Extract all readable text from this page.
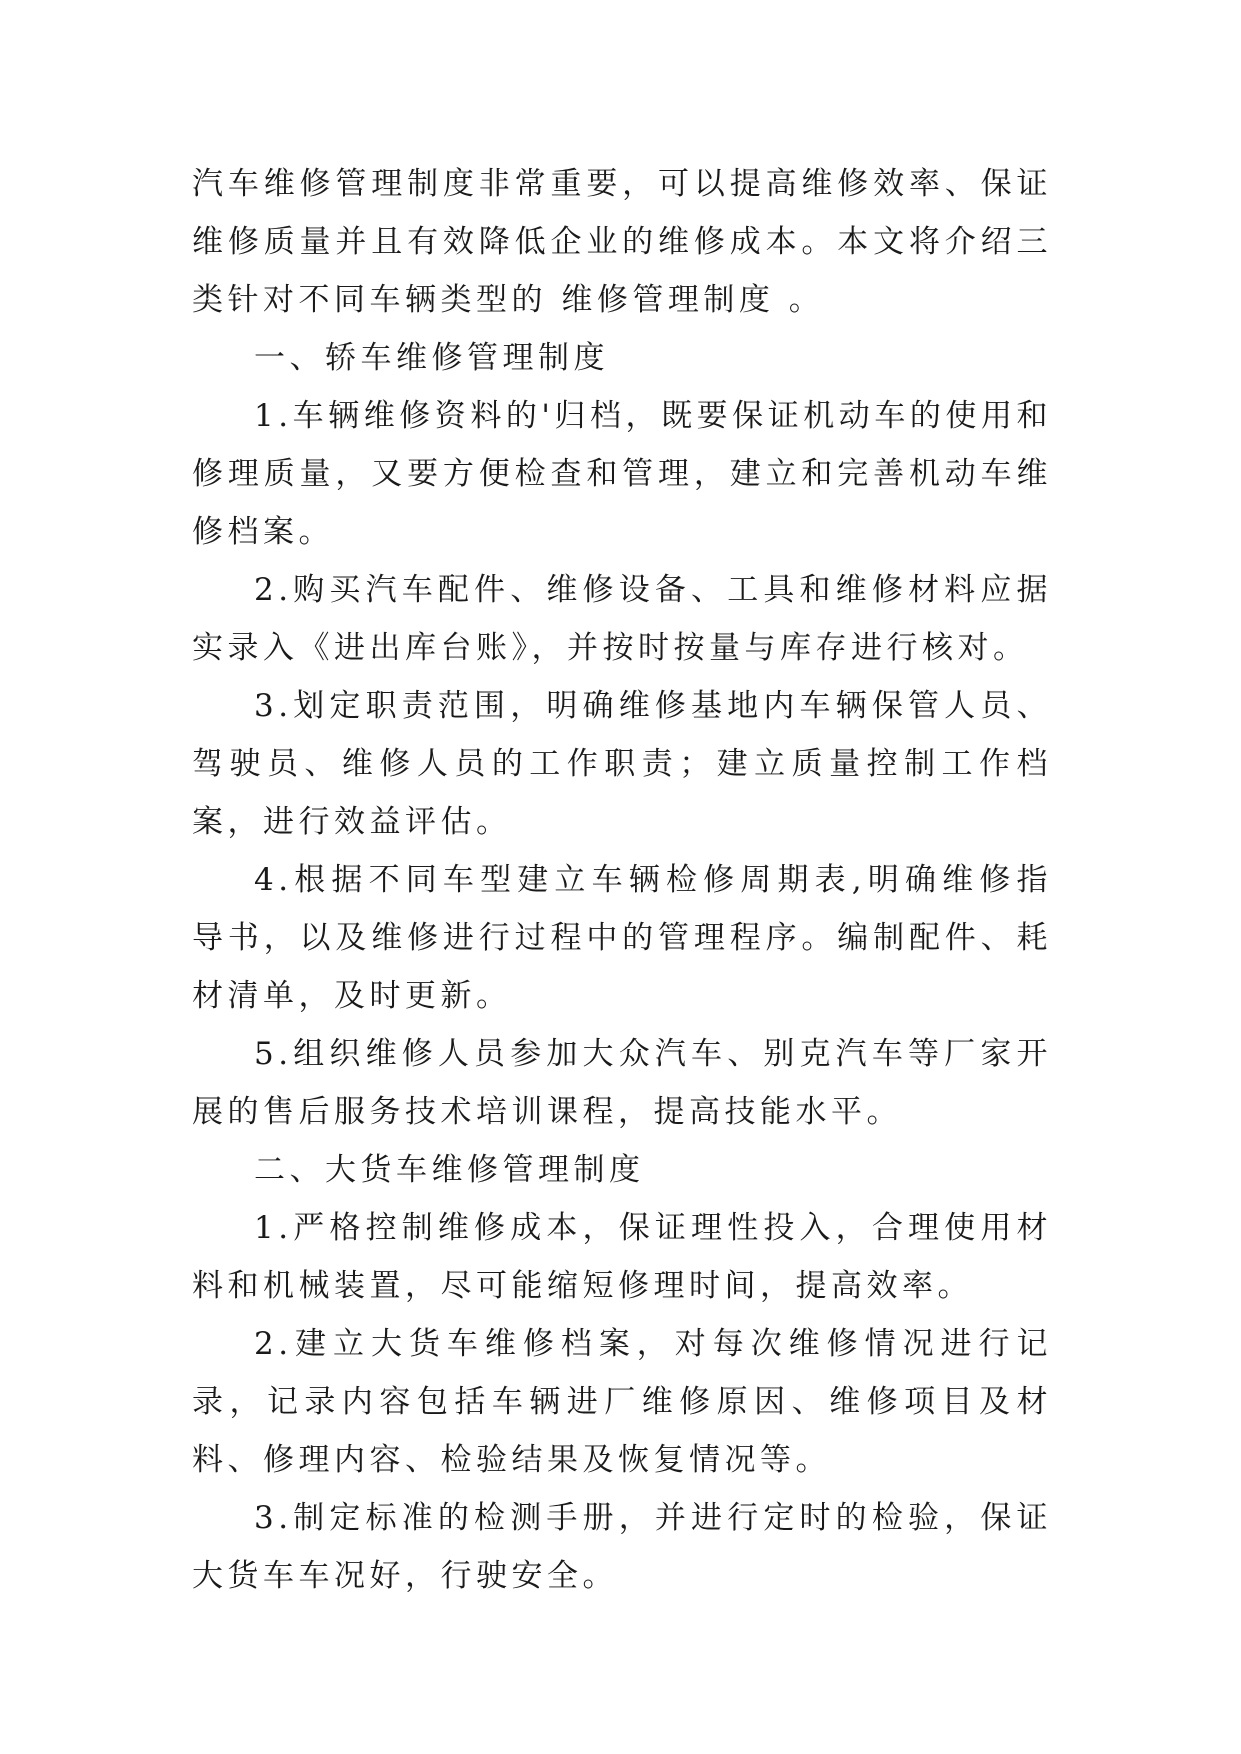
汽车维修管理制度非常重要，可以提高维修效率、保证维修质量并且有效降低企业的维修成本。本文将介绍三类针对不同车辆类型的 维修管理制度 。

一、轿车维修管理制度

1.车辆维修资料的'归档，既要保证机动车的使用和修理质量，又要方便检查和管理，建立和完善机动车维修档案。

2.购买汽车配件、维修设备、工具和维修材料应据实录入《进出库台账》，并按时按量与库存进行核对。

3.划定职责范围，明确维修基地内车辆保管人员、驾驶员、维修人员的工作职责；建立质量控制工作档案，进行效益评估。

4.根据不同车型建立车辆检修周期表,明确维修指导书，以及维修进行过程中的管理程序。编制配件、耗材清单，及时更新。

5.组织维修人员参加大众汽车、别克汽车等厂家开展的售后服务技术培训课程，提高技能水平。

二、大货车维修管理制度

1.严格控制维修成本，保证理性投入，合理使用材料和机械装置，尽可能缩短修理时间，提高效率。

2.建立大货车维修档案，对每次维修情况进行记录，记录内容包括车辆进厂维修原因、维修项目及材料、修理内容、检验结果及恢复情况等。

3.制定标准的检测手册，并进行定时的检验，保证大货车车况好，行驶安全。
